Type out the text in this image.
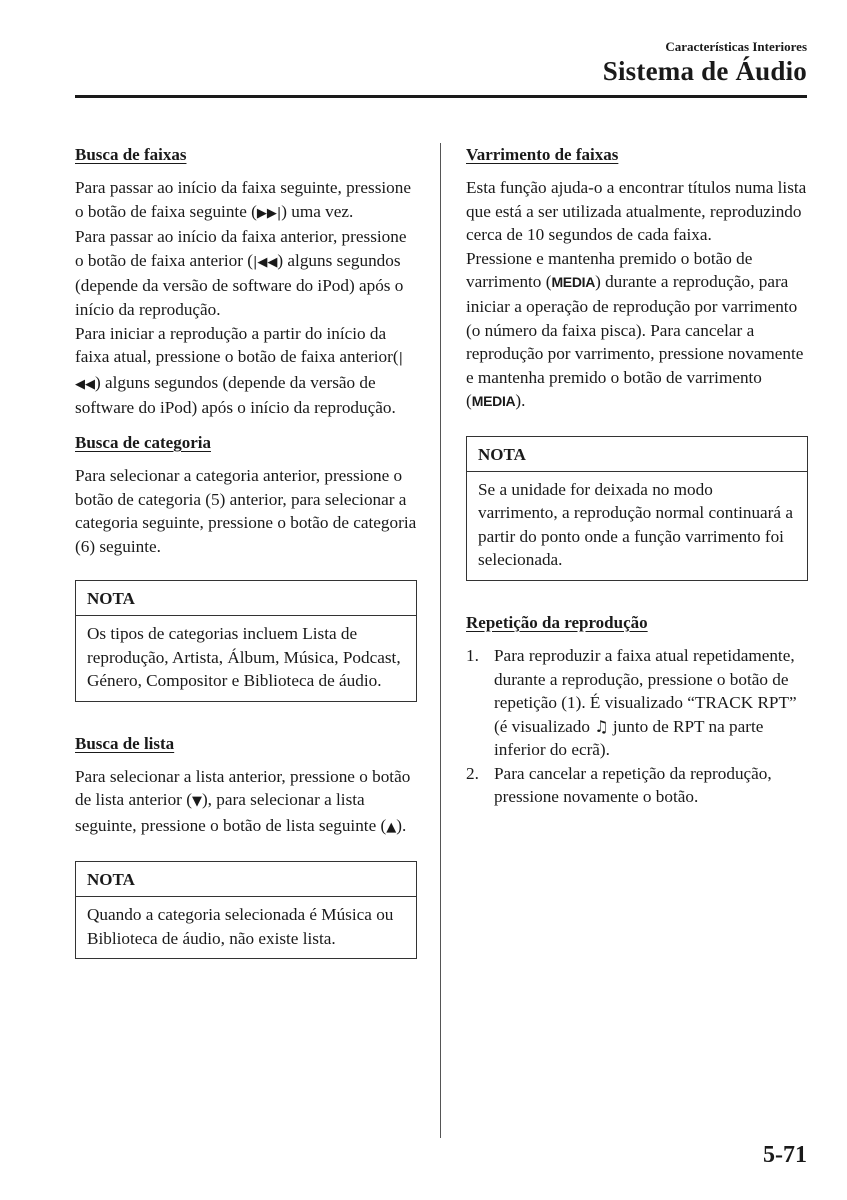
Características Interiores
Sistema de Áudio
Busca de faixas

Para passar ao início da faixa seguinte, pressione o botão de faixa seguinte (▶▶|) uma vez.

Para passar ao início da faixa anterior, pressione o botão de faixa anterior (|◀◀) alguns segundos (depende da versão de software do iPod) após o início da reprodução.

Para iniciar a reprodução a partir do início da faixa atual, pressione o botão de faixa anterior(|◀◀) alguns segundos (depende da versão de software do iPod) após o início da reprodução.

Busca de categoria

Para selecionar a categoria anterior, pressione o botão de categoria (5) anterior, para selecionar a categoria seguinte, pressione o botão de categoria (6) seguinte.

NOTA
Os tipos de categorias incluem Lista de reprodução, Artista, Álbum, Música, Podcast, Género, Compositor e Biblioteca de áudio.
Busca de lista

Para selecionar a lista anterior, pressione o botão de lista anterior (▼), para selecionar a lista seguinte, pressione o botão de lista seguinte (▲).

NOTA
Quando a categoria selecionada é Música ou Biblioteca de áudio, não existe lista.
Varrimento de faixas

Esta função ajuda-o a encontrar títulos numa lista que está a ser utilizada atualmente, reproduzindo cerca de 10 segundos de cada faixa.

Pressione e mantenha premido o botão de varrimento (MEDIA) durante a reprodução, para iniciar a operação de reprodução por varrimento (o número da faixa pisca). Para cancelar a reprodução por varrimento, pressione novamente e mantenha premido o botão de varrimento (MEDIA).

NOTA
Se a unidade for deixada no modo varrimento, a reprodução normal continuará a partir do ponto onde a função varrimento foi selecionada.
Repetição da reprodução
1. Para reproduzir a faixa atual repetidamente, durante a reprodução, pressione o botão de repetição (1). É visualizado “TRACK RPT” (é visualizado ♫ junto de RPT na parte inferior do ecrã).
2. Para cancelar a repetição da reprodução, pressione novamente o botão.
5-71
